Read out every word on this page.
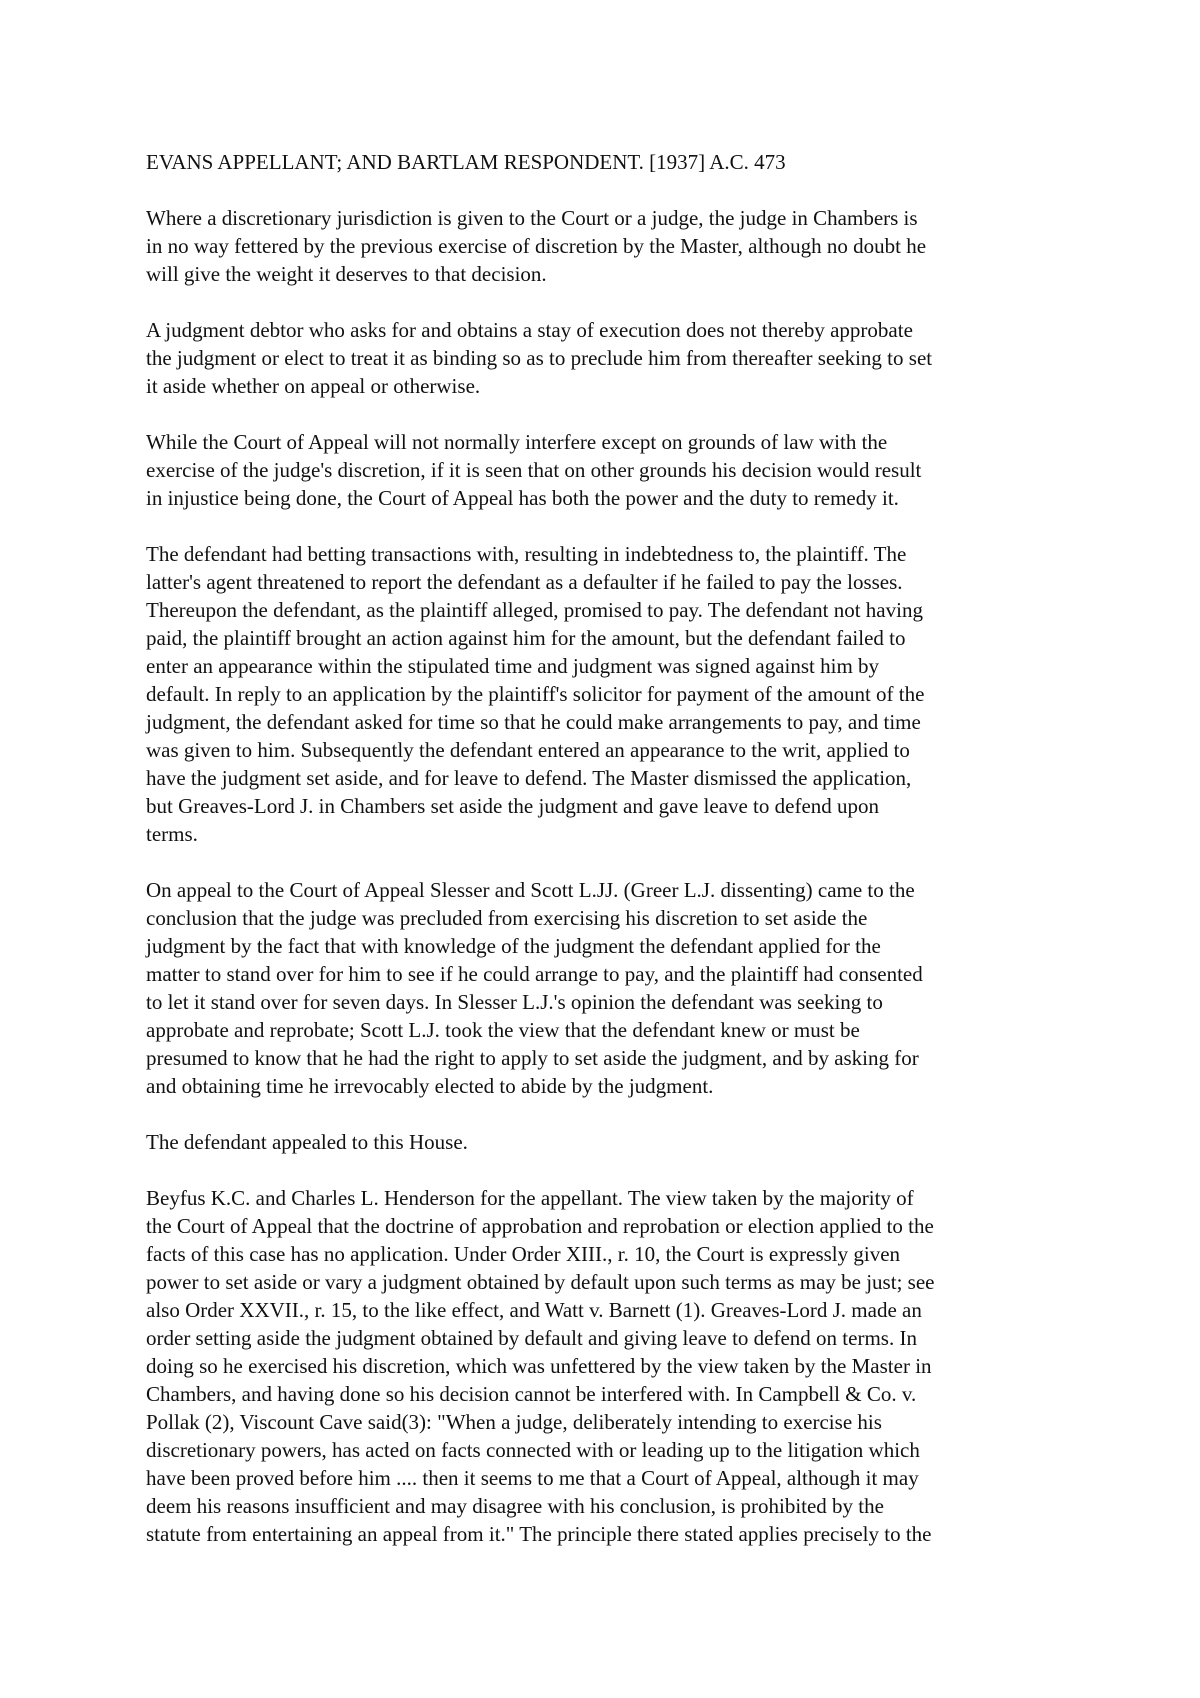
EVANS APPELLANT; AND BARTLAM RESPONDENT. [1937] A.C. 473

Where a discretionary jurisdiction is given to the Court or a judge, the judge in Chambers is
in no way fettered by the previous exercise of discretion by the Master, although no doubt he
will give the weight it deserves to that decision.

A judgment debtor who asks for and obtains a stay of execution does not thereby approbate
the judgment or elect to treat it as binding so as to preclude him from thereafter seeking to set
it aside whether on appeal or otherwise.

While the Court of Appeal will not normally interfere except on grounds of law with the
exercise of the judge's discretion, if it is seen that on other grounds his decision would result
in injustice being done, the Court of Appeal has both the power and the duty to remedy it.

The defendant had betting transactions with, resulting in indebtedness to, the plaintiff. The
latter's agent threatened to report the defendant as a defaulter if he failed to pay the losses.
Thereupon the defendant, as the plaintiff alleged, promised to pay. The defendant not having
paid, the plaintiff brought an action against him for the amount, but the defendant failed to
enter an appearance within the stipulated time and judgment was signed against him by
default. In reply to an application by the plaintiff's solicitor for payment of the amount of the
judgment, the defendant asked for time so that he could make arrangements to pay, and time
was given to him. Subsequently the defendant entered an appearance to the writ, applied to
have the judgment set aside, and for leave to defend. The Master dismissed the application,
but Greaves-Lord J. in Chambers set aside the judgment and gave leave to defend upon
terms.

On appeal to the Court of Appeal Slesser and Scott L.JJ. (Greer L.J. dissenting) came to the
conclusion that the judge was precluded from exercising his discretion to set aside the
judgment by the fact that with knowledge of the judgment the defendant applied for the
matter to stand over for him to see if he could arrange to pay, and the plaintiff had consented
to let it stand over for seven days. In Slesser L.J.'s opinion the defendant was seeking to
approbate and reprobate; Scott L.J. took the view that the defendant knew or must be
presumed to know that he had the right to apply to set aside the judgment, and by asking for
and obtaining time he irrevocably elected to abide by the judgment.

The defendant appealed to this House.

Beyfus K.C. and Charles L. Henderson for the appellant. The view taken by the majority of
the Court of Appeal that the doctrine of approbation and reprobation or election applied to the
facts of this case has no application. Under Order XIII., r. 10, the Court is expressly given
power to set aside or vary a judgment obtained by default upon such terms as may be just; see
also Order XXVII., r. 15, to the like effect, and Watt v. Barnett (1). Greaves-Lord J. made an
order setting aside the judgment obtained by default and giving leave to defend on terms. In
doing so he exercised his discretion, which was unfettered by the view taken by the Master in
Chambers, and having done so his decision cannot be interfered with. In Campbell & Co. v.
Pollak (2), Viscount Cave said(3): "When a judge, deliberately intending to exercise his
discretionary powers, has acted on facts connected with or leading up to the litigation which
have been proved before him .... then it seems to me that a Court of Appeal, although it may
deem his reasons insufficient and may disagree with his conclusion, is prohibited by the
statute from entertaining an appeal from it." The principle there stated applies precisely to the
